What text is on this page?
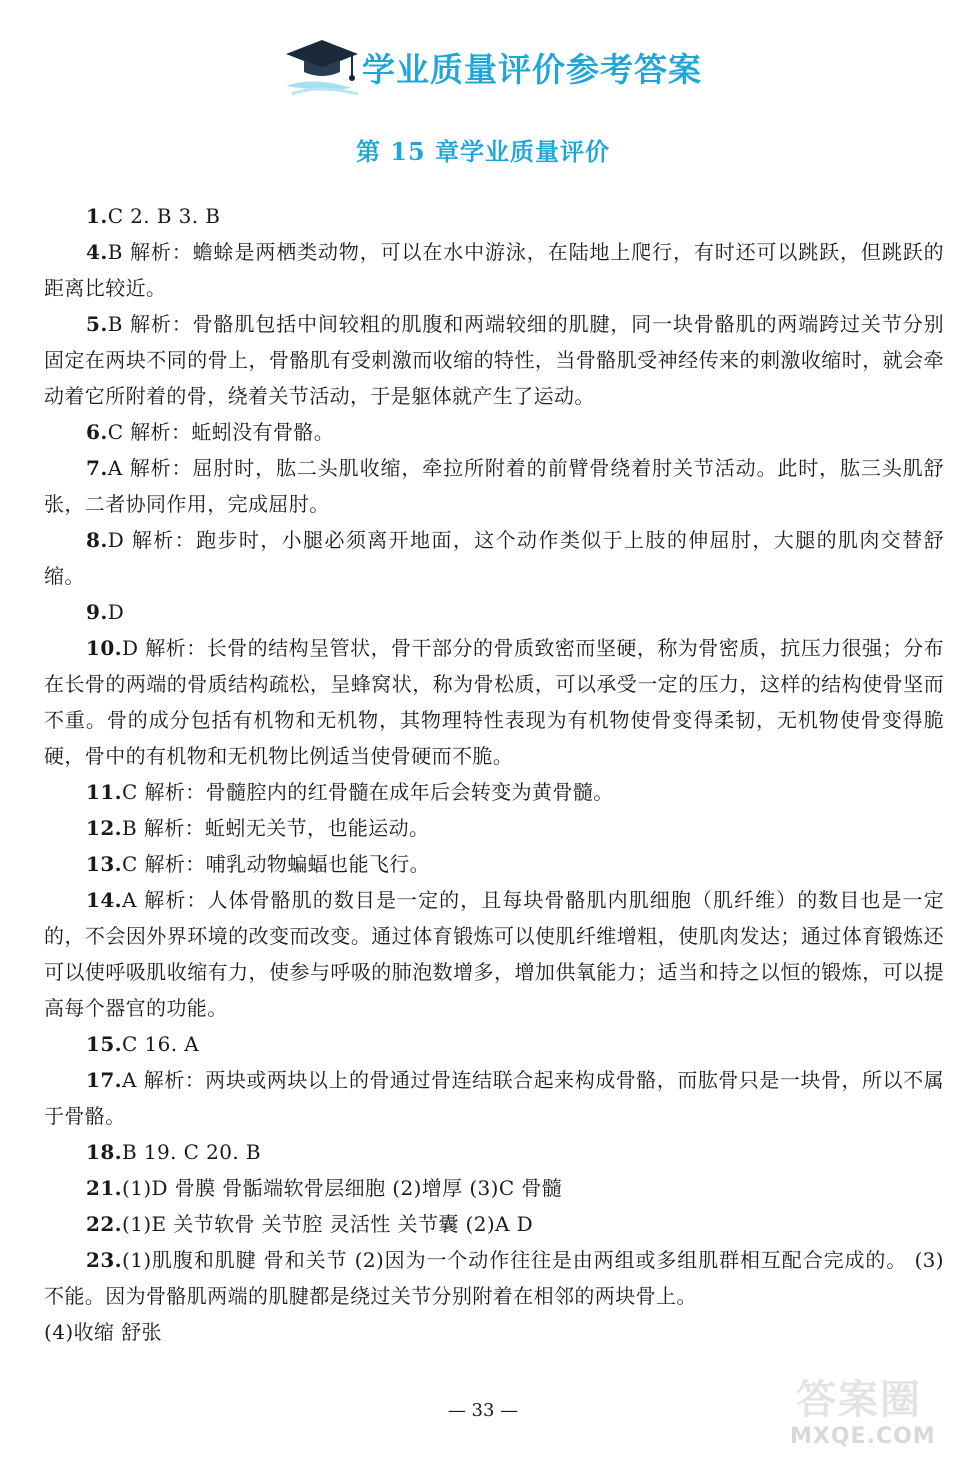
学业质量评价参考答案
第 15 章学业质量评价

1.C 2. B 3. B

4.B 解析：蟾蜍是两栖类动物，可以在水中游泳，在陆地上爬行，有时还可以跳跃，但跳跃的距离比较近。

5.B 解析：骨骼肌包括中间较粗的肌腹和两端较细的肌腱，同一块骨骼肌的两端跨过关节分别固定在两块不同的骨上，骨骼肌有受刺激而收缩的特性，当骨骼肌受神经传来的刺激收缩时，就会牵动着它所附着的骨，绕着关节活动，于是躯体就产生了运动。

6.C 解析：蚯蚓没有骨骼。

7.A 解析：屈肘时，肱二头肌收缩，牵拉所附着的前臂骨绕着肘关节活动。此时，肱三头肌舒张，二者协同作用，完成屈肘。

8.D 解析：跑步时，小腿必须离开地面，这个动作类似于上肢的伸屈肘，大腿的肌肉交替舒缩。

9.D

10.D 解析：长骨的结构呈管状，骨干部分的骨质致密而坚硬，称为骨密质，抗压力很强；分布在长骨的两端的骨质结构疏松，呈蜂窝状，称为骨松质，可以承受一定的压力，这样的结构使骨坚而不重。骨的成分包括有机物和无机物，其物理特性表现为有机物使骨变得柔韧，无机物使骨变得脆硬，骨中的有机物和无机物比例适当使骨硬而不脆。

11.C 解析：骨髓腔内的红骨髓在成年后会转变为黄骨髓。

12.B 解析：蚯蚓无关节，也能运动。

13.C 解析：哺乳动物蝙蝠也能飞行。

14.A 解析：人体骨骼肌的数目是一定的，且每块骨骼肌内肌细胞（肌纤维）的数目也是一定的，不会因外界环境的改变而改变。通过体育锻炼可以使肌纤维增粗，使肌肉发达；通过体育锻炼还可以使呼吸肌收缩有力，使参与呼吸的肺泡数增多，增加供氧能力；适当和持之以恒的锻炼，可以提高每个器官的功能。

15.C 16. A

17.A 解析：两块或两块以上的骨通过骨连结联合起来构成骨骼，而肱骨只是一块骨，所以不属于骨骼。

18.B 19. C 20. B

21.(1)D 骨膜 骨骺端软骨层细胞 (2)增厚 (3)C 骨髓

22.(1)E 关节软骨 关节腔 灵活性 关节囊 (2)A D

23.(1)肌腹和肌腱 骨和关节 (2)因为一个动作往往是由两组或多组肌群相互配合完成的。 (3)不能。因为骨骼肌两端的肌腱都是绕过关节分别附着在相邻的两块骨上。

(4)收缩 舒张

— 33 —	答案圈
MXQE.COM
